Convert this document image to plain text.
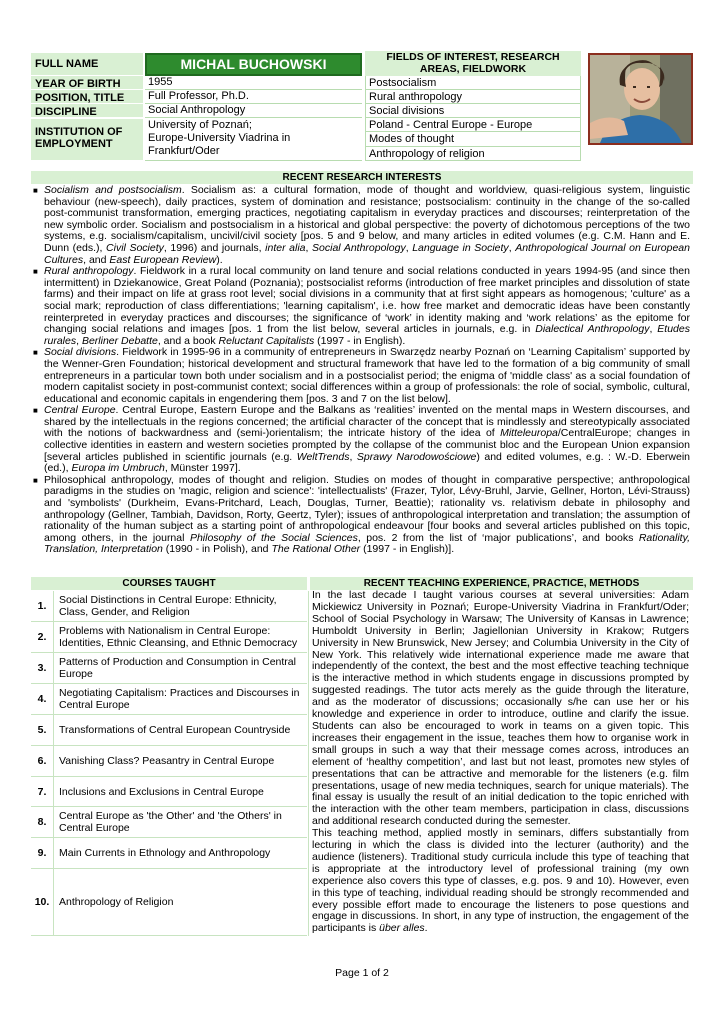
FULL NAME	MICHAL BUCHOWSKI
YEAR OF BIRTH	1955
POSITION, TITLE	Full Professor, Ph.D.
DISCIPLINE	Social Anthropology
INSTITUTION OF EMPLOYMENT
University of Poznań;
Europe-University Viadrina in
Frankfurt/Oder
FIELDS OF INTEREST, RESEARCH
AREAS, FIELDWORK
Postsocialism
Rural anthropology
Social divisions
Poland - Central Europe - Europe
Modes of thought
Anthropology of religion
RECENT RESEARCH INTERESTS
■ Socialism and postsocialism. Socialism as: a cultural formation, mode of thought and worldview, quasi-religious system, linguistic behaviour (new-speech), daily practices, system of domination and resistance; postsocialism: continuity in the change of the so-called post-communist transformation, emerging practices, negotiating capitalism in everyday practices and discourses; reinterpretation of the new symbolic order. Socialism and postsocialism in a historical and global perspective: the poverty of dichotomous perceptions of the two systems, e.g. socialism/capitalism, uncivil/civil society [pos. 5 and 9 below, and many articles in edited volumes (e.g. C.M. Hann and E. Dunn (eds.), Civil Society, 1996) and journals, inter alia, Social Anthropology, Language in Society, Anthropological Journal on European Cultures, and East European Review).
■ Rural anthropology. Fieldwork in a rural local community on land tenure and social relations conducted in years 1994-95 (and since then intermittent) in Dziekanowice, Great Poland (Poznania); postsocialist reforms (introduction of free market principles and dissolution of state farms) and their impact on life at grass root level; social divisions in a community that at first sight appears as homogenous; 'culture' as a social mark; reproduction of class differentiations; 'learning capitalism', i.e. how free market and democratic ideas have been constantly reinterpreted in everyday practices and discourses; the significance of ‘work’ in identity making and ‘work relations’ as the epitome for changing social relations and images [pos. 1 from the list below, several articles in journals, e.g. in Dialectical Anthropology, Etudes rurales, Berliner Debatte, and a book Reluctant Capitalists (1997 - in English).
■ Social divisions. Fieldwork in 1995-96 in a community of entrepreneurs in Swarzędz nearby Poznań on ‘Learning Capitalism’ supported by the Wenner-Gren Foundation; historical development and structural framework that have led to the formation of a big community of small entrepreneurs in a particular town both under socialism and in a postsocialist period; the enigma of 'middle class' as a social foundation of modern capitalist society in post-communist context; social differences within a group of professionals: the role of social, symbolic, cultural, educational and economic capitals in engendering them [pos. 3 and 7 on the list below].
■ Central Europe. Central Europe, Eastern Europe and the Balkans as ‘realities’ invented on the mental maps in Western discourses, and shared by the intellectuals in the regions concerned; the artificial character of the concept that is mindlessly and stereotypically associated with the notions of backwardness and (semi-)orientalism; the intricate history of the idea of Mitteleuropa/CentralEurope; changes in collective identities in eastern and western societies prompted by the collapse of the communist bloc and the European Union expansion [several articles published in scientific journals (e.g. WeltTrends, Sprawy Narodowościowe) and edited volumes, e.g. : W.-D. Eberwein (ed.), Europa im Umbruch, Münster 1997].
■ Philosophical anthropology, modes of thought and religion. Studies on modes of thought in comparative perspective; anthropological paradigms in the studies on 'magic, religion and science': 'intellectualists' (Frazer, Tylor, Lévy-Bruhl, Jarvie, Gellner, Horton, Lévi-Strauss) and 'symbolists' (Durkheim, Evans-Pritchard, Leach, Douglas, Turner, Beattie); rationality vs. relativism debate in philosophy and anthropology (Gellner, Tambiah, Davidson, Rorty, Geertz, Tyler); issues of anthropological interpretation and translation; the assumption of rationality of the human subject as a starting point of anthropological endeavour [four books and several articles published on this topic, among others, in the journal Philosophy of the Social Sciences, pos. 2 from the list of ‘major publications’, and books Rationality, Translation, Interpretation (1990 - in Polish), and The Rational Other (1997 - in English)].
COURSES TAUGHT
1.	Social Distinctions in Central Europe: Ethnicity, Class, Gender, and Religion
2.	Problems with Nationalism in Central Europe: Identities, Ethnic Cleansing, and Ethnic Democracy
3.	Patterns of Production and Consumption in Central Europe
4.	Negotiating Capitalism: Practices and Discourses in Central Europe
5.	Transformations of Central European Countryside
6.	Vanishing Class? Peasantry in Central Europe
7.	Inclusions and Exclusions in Central Europe
8.	Central Europe as 'the Other' and 'the Others' in Central Europe
9.	Main Currents in Ethnology and Anthropology
10. Anthropology of Religion
RECENT TEACHING EXPERIENCE, PRACTICE, METHODS
In the last decade I taught various courses at several universities: Adam Mickiewicz University in Poznań; Europe-University Viadrina in Frankfurt/Oder; School of Social Psychology in Warsaw; The University of Kansas in Lawrence; Humboldt University in Berlin; Jagiellonian University in Krakow; Rutgers University in New Brunswick, New Jersey; and Columbia University in the City of New York. This relatively wide international experience made me aware that independently of the context, the best and the most effective teaching technique is the interactive method in which students engage in discussions prompted by suggested readings. The tutor acts merely as the guide through the literature, and as the moderator of discussions; occasionally s/he can use her or his knowledge and experience in order to introduce, outline and clarify the issue. Students can also be encouraged to work in teams on a given topic. This increases their engagement in the issue, teaches them how to organise work in small groups in such a way that their message comes across, introduces an element of ‘healthy competition’, and last but not least, promotes new styles of presentations that can be attractive and memorable for the listeners (e.g. film presentations, usage of new media techniques, search for unique materials). The final essay is usually the result of an initial dedication to the topic enriched with the interaction with the other team members, participation in class, discussions and additional research conducted during the semester.
This teaching method, applied mostly in seminars, differs substantially from lecturing in which the class is divided into the lecturer (authority) and the audience (listeners). Traditional study curricula include this type of teaching that is appropriate at the introductory level of professional training (my own experience also covers this type of classes, e.g. pos. 9 and 10). However, even in this type of teaching, individual reading should be strongly recommended and every possible effort made to encourage the listeners to pose questions and engage in discussions. In short, in any type of instruction, the engagement of the participants is über alles.
Page 1 of 2
